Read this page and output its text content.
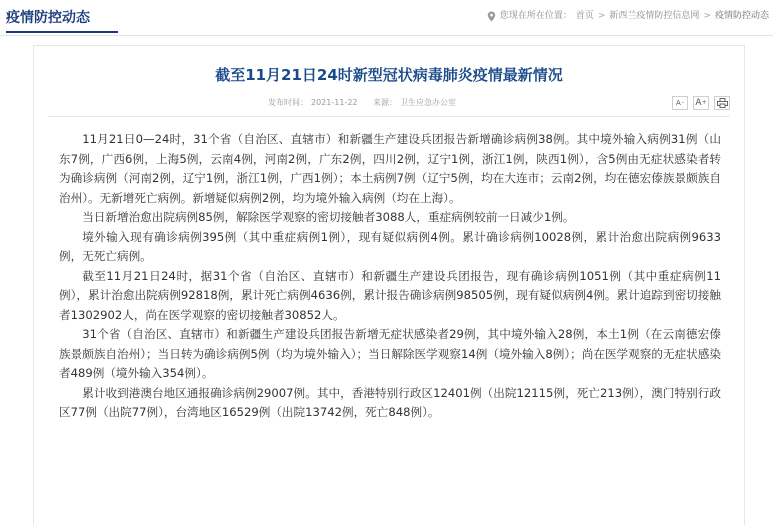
疫情防控动态	您现在所在位置： 首页 > 新西兰疫情防控信息网 > 疫情防控动态
截至11月21日24时新型冠状病毒肺炎疫情最新情况
发布时间： 2021-11-22 来源： 卫生应急办公室	A - A +

11月21日0—24时，31个省（自治区、直辖市）和新疆生产建设兵团报告新增确诊病例38例。其中境外输入病例31例（山东7例，广西6例，上海5例，云南4例，河南2例，广东2例，四川2例，辽宁1例，浙江1例，陕西1例），含5例由无症状感染者转为确诊病例（河南2例，辽宁1例，浙江1例，广西1例）；本土病例7例（辽宁5例，均在大连市；云南2例，均在德宏傣族景颇族自治州）。无新增死亡病例。新增疑似病例2例，均为境外输入病例（均在上海）。

当日新增治愈出院病例85例，解除医学观察的密切接触者3088人，重症病例较前一日减少1例。

境外输入现有确诊病例395例（其中重症病例1例），现有疑似病例4例。累计确诊病例10028例，累计治愈出院病例9633例，无死亡病例。

截至11月21日24时，据31个省（自治区、直辖市）和新疆生产建设兵团报告，现有确诊病例1051例（其中重症病例11例），累计治愈出院病例92818例，累计死亡病例4636例，累计报告确诊病例98505例，现有疑似病例4例。累计追踪到密切接触者1302902人，尚在医学观察的密切接触者30852人。

31个省（自治区、直辖市）和新疆生产建设兵团报告新增无症状感染者29例，其中境外输入28例，本土1例（在云南德宏傣族景颇族自治州）；当日转为确诊病例5例（均为境外输入）；当日解除医学观察14例（境外输入8例）；尚在医学观察的无症状感染者489例（境外输入354例）。

累计收到港澳台地区通报确诊病例29007例。其中，香港特别行政区12401例（出院12115例，死亡213例），澳门特别行政区77例（出院77例），台湾地区16529例（出院13742例，死亡848例）。
